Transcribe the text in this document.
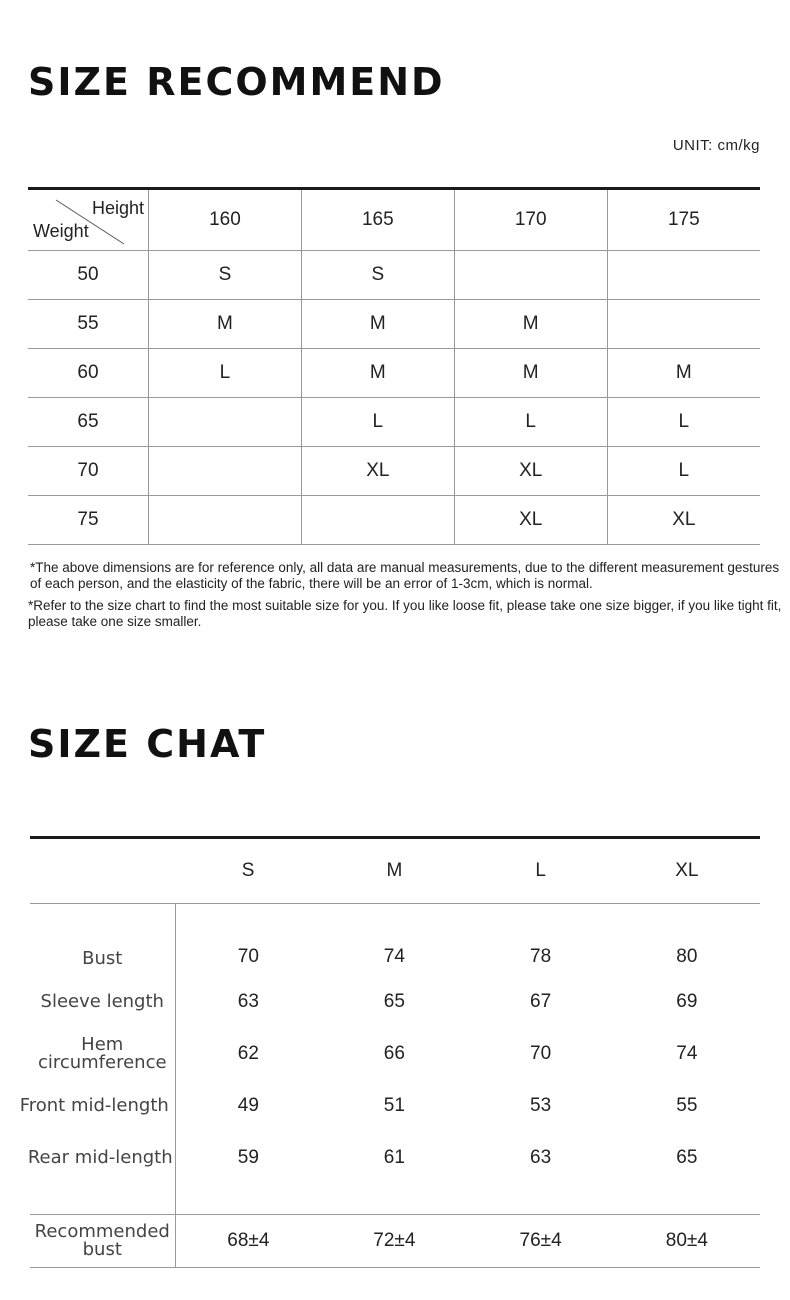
SIZE RECOMMEND
UNIT: cm/kg
Height
Weight	160	165	170	175
50	S	S		
55	M	M	M	
60	L	M	M	M
65		L	L	L
70		XL	XL	L
75			XL	XL

*The above dimensions are for reference only, all data are manual measurements, due to the different measurement gestures of each person, and the elasticity of the fabric, there will be an error of 1-3cm, which is normal.

*Refer to the size chart to find the most suitable size for you. If you like loose fit, please take one size bigger, if you like tight fit, please take one size smaller.

SIZE CHAT
	S	M	L	XL
Bust	70	74	78	80
Sleeve length	63	65	67	69
Hem circumference	62	66	70	74
Front mid-length	49	51	53	55
Rear mid-length	59	61	63	65

Recommended bust	68±4	72±4	76±4	80±4
